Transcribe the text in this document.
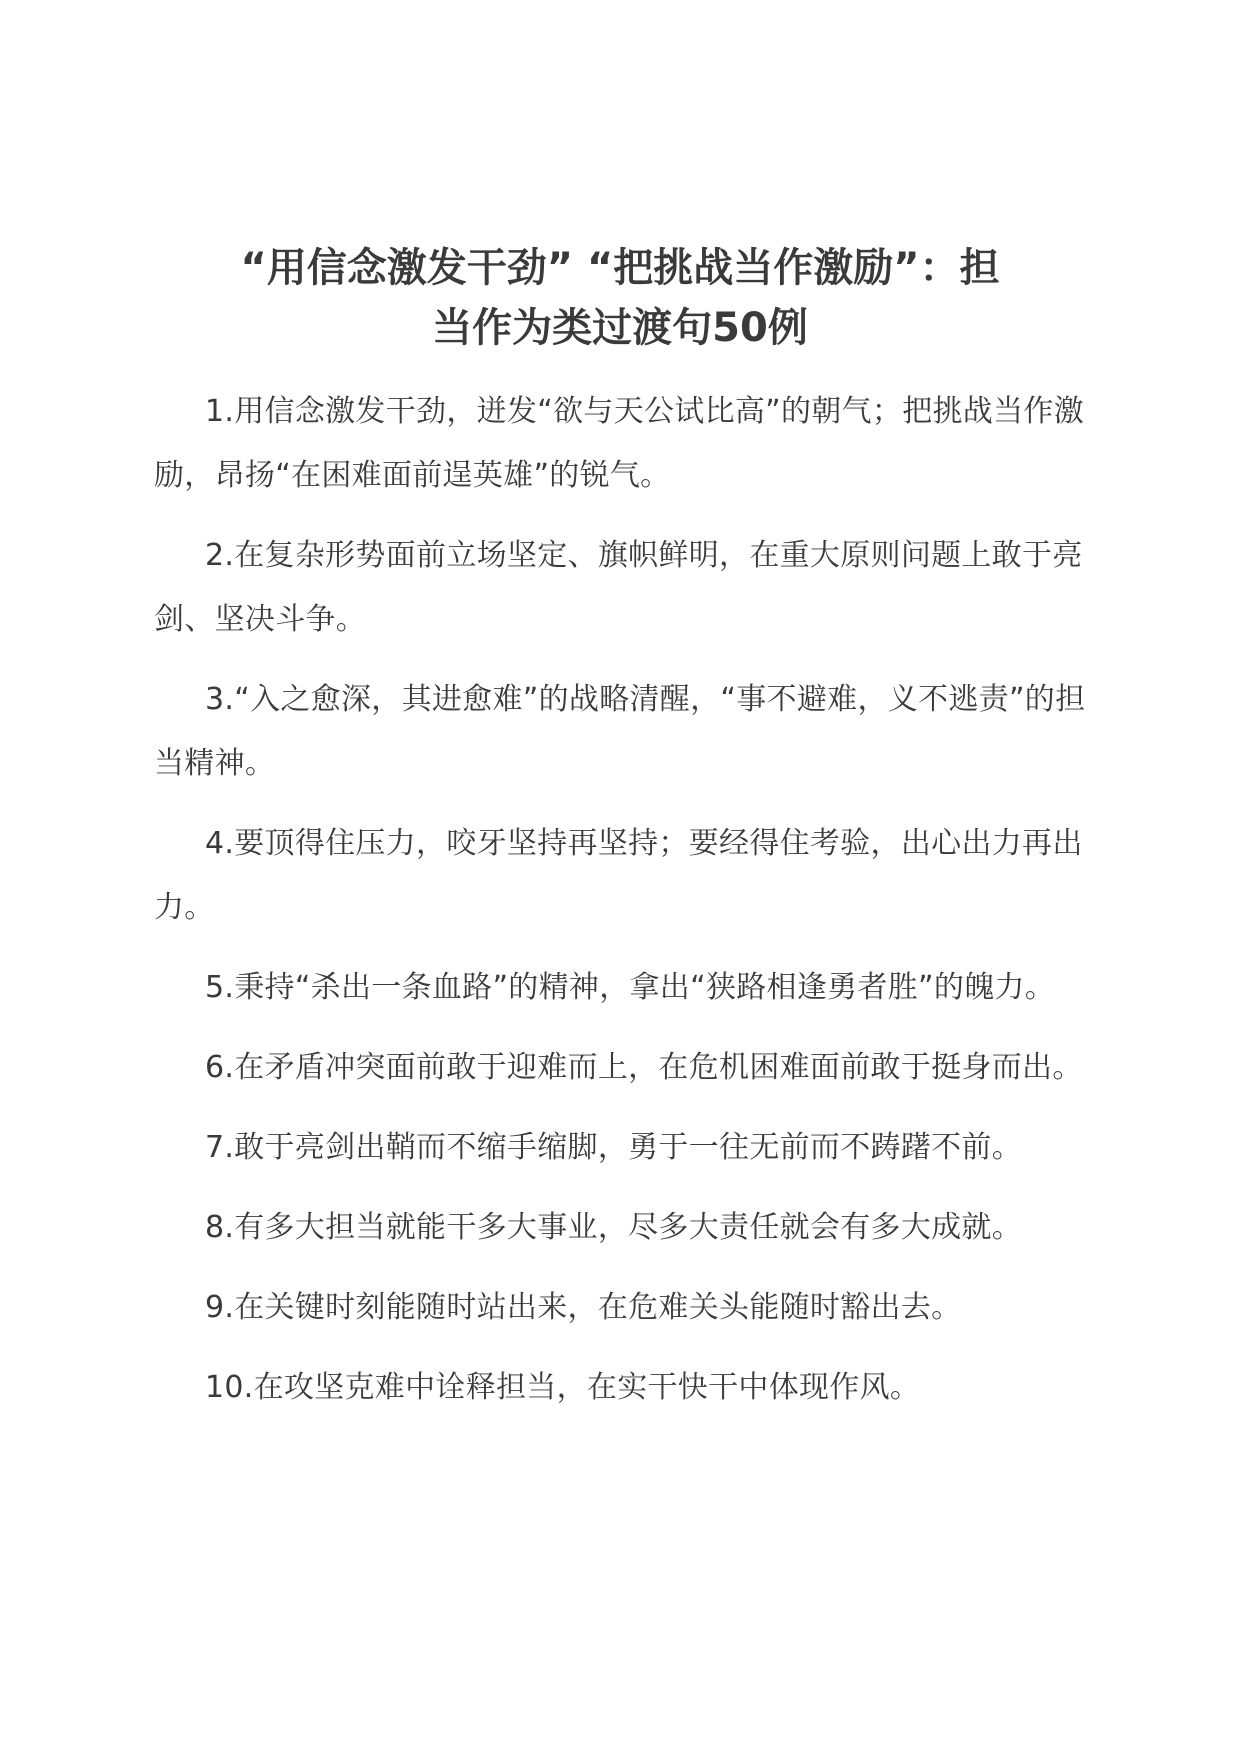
“用信念激发干劲” “把挑战当作激励”：担
当作为类过渡句50例
1.用信念激发干劲，迸发“欲与天公试比高”的朝气；把挑战当作激励，昂扬“在困难面前逞英雄”的锐气。
2.在复杂形势面前立场坚定、旗帜鲜明，在重大原则问题上敢于亮剑、坚决斗争。
3.“入之愈深，其进愈难”的战略清醒，“事不避难，义不逃责”的担当精神。
4.要顶得住压力，咬牙坚持再坚持；要经得住考验，出心出力再出力。
5.秉持“杀出一条血路”的精神，拿出“狭路相逢勇者胜”的魄力。
6.在矛盾冲突面前敢于迎难而上，在危机困难面前敢于挺身而出。
7.敢于亮剑出鞘而不缩手缩脚，勇于一往无前而不踌躇不前。
8.有多大担当就能干多大事业，尽多大责任就会有多大成就。
9.在关键时刻能随时站出来，在危难关头能随时豁出去。
10.在攻坚克难中诠释担当，在实干快干中体现作风。
